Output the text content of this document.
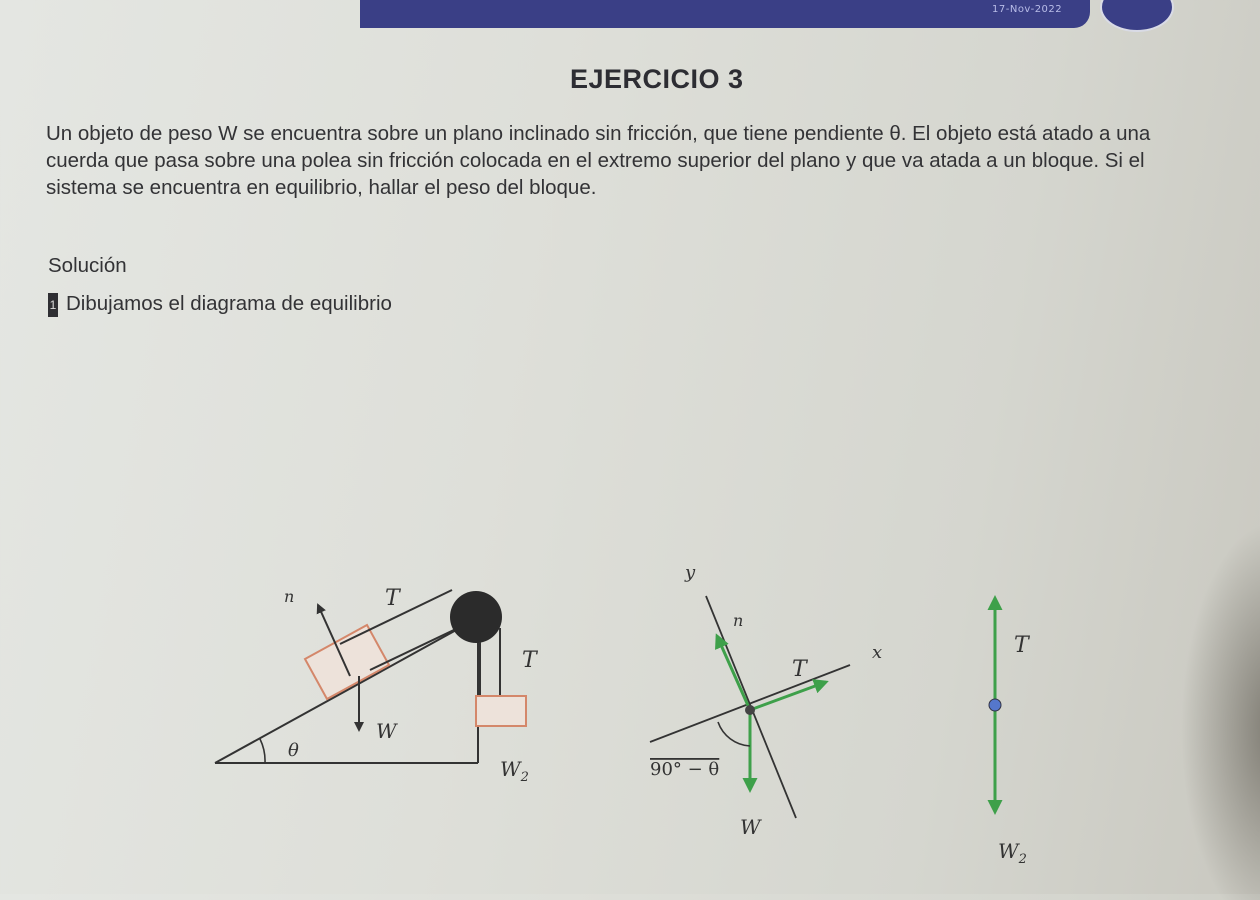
17-Nov-2022
EJERCICIO 3

Un objeto de peso W se encuentra sobre un plano inclinado sin fricción, que tiene pendiente θ. El objeto está atado a una cuerda que pasa sobre una polea sin fricción colocada en el extremo superior del plano y que va atada a un bloque. Si el sistema se encuentra en equilibrio, hallar el peso del bloque.

Solución
1 Dibujamos el diagrama de equilibrio
n	T
T
W
θ
$W_2$
y
x
n
T
90° − θ
W
T
$W_2$
